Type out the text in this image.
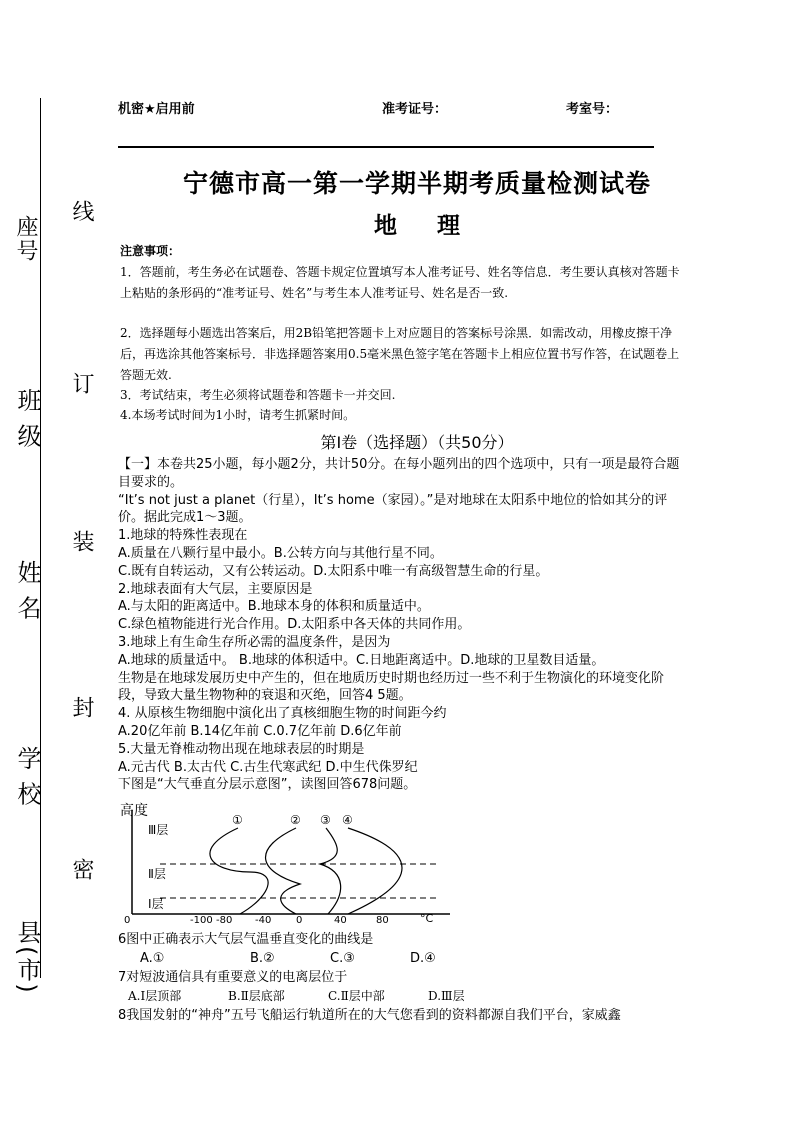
座号
班 级
姓 名
学 校
县(市)
线
订
装
封
密
机密★启用前	准考证号：	考室号：
宁德市高一第一学期半期考质量检测试卷
地 理
注意事项：
1．答题前，考生务必在试题卷、答题卡规定位置填写本人准考证号、姓名等信息．考生要认真核对答题卡上粘贴的条形码的“准考证号、姓名”与考生本人准考证号、姓名是否一致.
2．选择题每小题选出答案后，用2B铅笔把答题卡上对应题目的答案标号涂黑．如需改动，用橡皮擦干净后，再选涂其他答案标号．非选择题答案用0.5毫米黑色签字笔在答题卡上相应位置书写作答，在试题卷上答题无效.
3．考试结束，考生必须将试题卷和答题卡一并交回.
4.本场考试时间为1小时，请考生抓紧时间。
第Ⅰ卷（选择题）（共50分）

【一】本卷共25小题，每小题2分，共计50分。在每小题列出的四个选项中，只有一项是最符合题目要求的。

“It’s not just a planet（行星），It’s home（家园）。”是对地球在太阳系中地位的恰如其分的评价。据此完成1～3题。

1.地球的特殊性表现在

A.质量在八颗行星中最小。B.公转方向与其他行星不同。

C.既有自转运动，又有公转运动。D.太阳系中唯一有高级智慧生命的行星。

2.地球表面有大气层，主要原因是

A.与太阳的距离适中。B.地球本身的体积和质量适中。

C.绿色植物能进行光合作用。D.太阳系中各天体的共同作用。

3.地球上有生命生存所必需的温度条件，是因为

A.地球的质量适中。 B.地球的体积适中。C.日地距离适中。D.地球的卫星数目适量。

生物是在地球发展历史中产生的，但在地质历史时期也经历过一些不利于生物演化的环境变化阶段，导致大量生物物种的衰退和灭绝，回答4 5题。

4. 从原核生物细胞中演化出了真核细胞生物的时间距今约

A.20亿年前 B.14亿年前 C.0.7亿年前 D.6亿年前

5.大量无脊椎动物出现在地球表层的时期是

A.元古代 B.太古代 C.古生代寒武纪 D.中生代侏罗纪

下图是“大气垂直分层示意图”，读图回答678问题。

高度
Ⅲ层
Ⅱ层
Ⅰ层
①	② ③ ④
0	-100 -80 -40 0	40	80	°C

6图中正确表示大气层气温垂直变化的曲线是

A.①	B.②	C.③	D.④

7对短波通信具有重要意义的电离层位于

A.Ⅰ层顶部	B.Ⅱ层底部	C.Ⅱ层中部	D.Ⅲ层

8我国发射的“神舟”五号飞船运行轨道所在的大气您看到的资料都源自我们平台，家威鑫
